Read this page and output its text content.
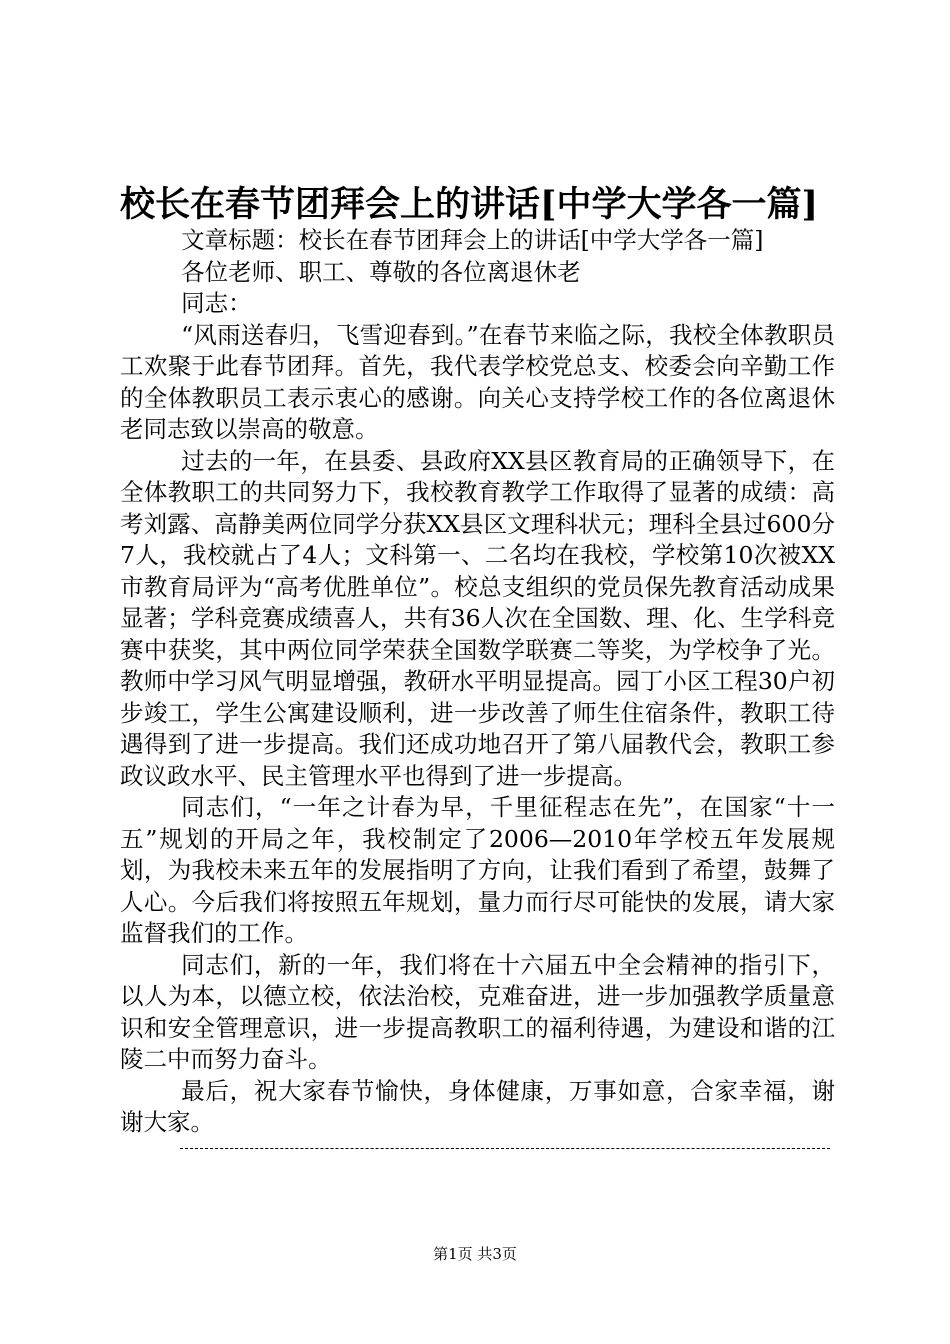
校长在春节团拜会上的讲话[中学大学各一篇]

文章标题：校长在春节团拜会上的讲话[中学大学各一篇]

各位老师、职工、尊敬的各位离退休老

同志：

“风雨送春归，飞雪迎春到。”在春节来临之际，我校全体教职员工欢聚于此春节团拜。首先，我代表学校党总支、校委会向辛勤工作的全体教职员工表示衷心的感谢。向关心支持学校工作的各位离退休老同志致以崇高的敬意。

过去的一年，在县委、县政府XX县区教育局的正确领导下，在全体教职工的共同努力下，我校教育教学工作取得了显著的成绩：高考刘露、高静美两位同学分获XX县区文理科状元；理科全县过600分7人，我校就占了4人；文科第一、二名均在我校，学校第10次被XX市教育局评为“高考优胜单位”。校总支组织的党员保先教育活动成果显著；学科竞赛成绩喜人，共有36人次在全国数、理、化、生学科竞赛中获奖，其中两位同学荣获全国数学联赛二等奖，为学校争了光。教师中学习风气明显增强，教研水平明显提高。园丁小区工程30户初步竣工，学生公寓建设顺利，进一步改善了师生住宿条件，教职工待遇得到了进一步提高。我们还成功地召开了第八届教代会，教职工参政议政水平、民主管理水平也得到了进一步提高。

同志们，“一年之计春为早，千里征程志在先”，在国家“十一五”规划的开局之年，我校制定了2006—2010年学校五年发展规划，为我校未来五年的发展指明了方向，让我们看到了希望，鼓舞了人心。今后我们将按照五年规划，量力而行尽可能快的发展，请大家监督我们的工作。

同志们，新的一年，我们将在十六届五中全会精神的指引下，以人为本，以德立校，依法治校，克难奋进，进一步加强教学质量意识和安全管理意识，进一步提高教职工的福利待遇，为建设和谐的江陵二中而努力奋斗。

最后，祝大家春节愉快，身体健康，万事如意，合家幸福，谢谢大家。

第1页 共3页
